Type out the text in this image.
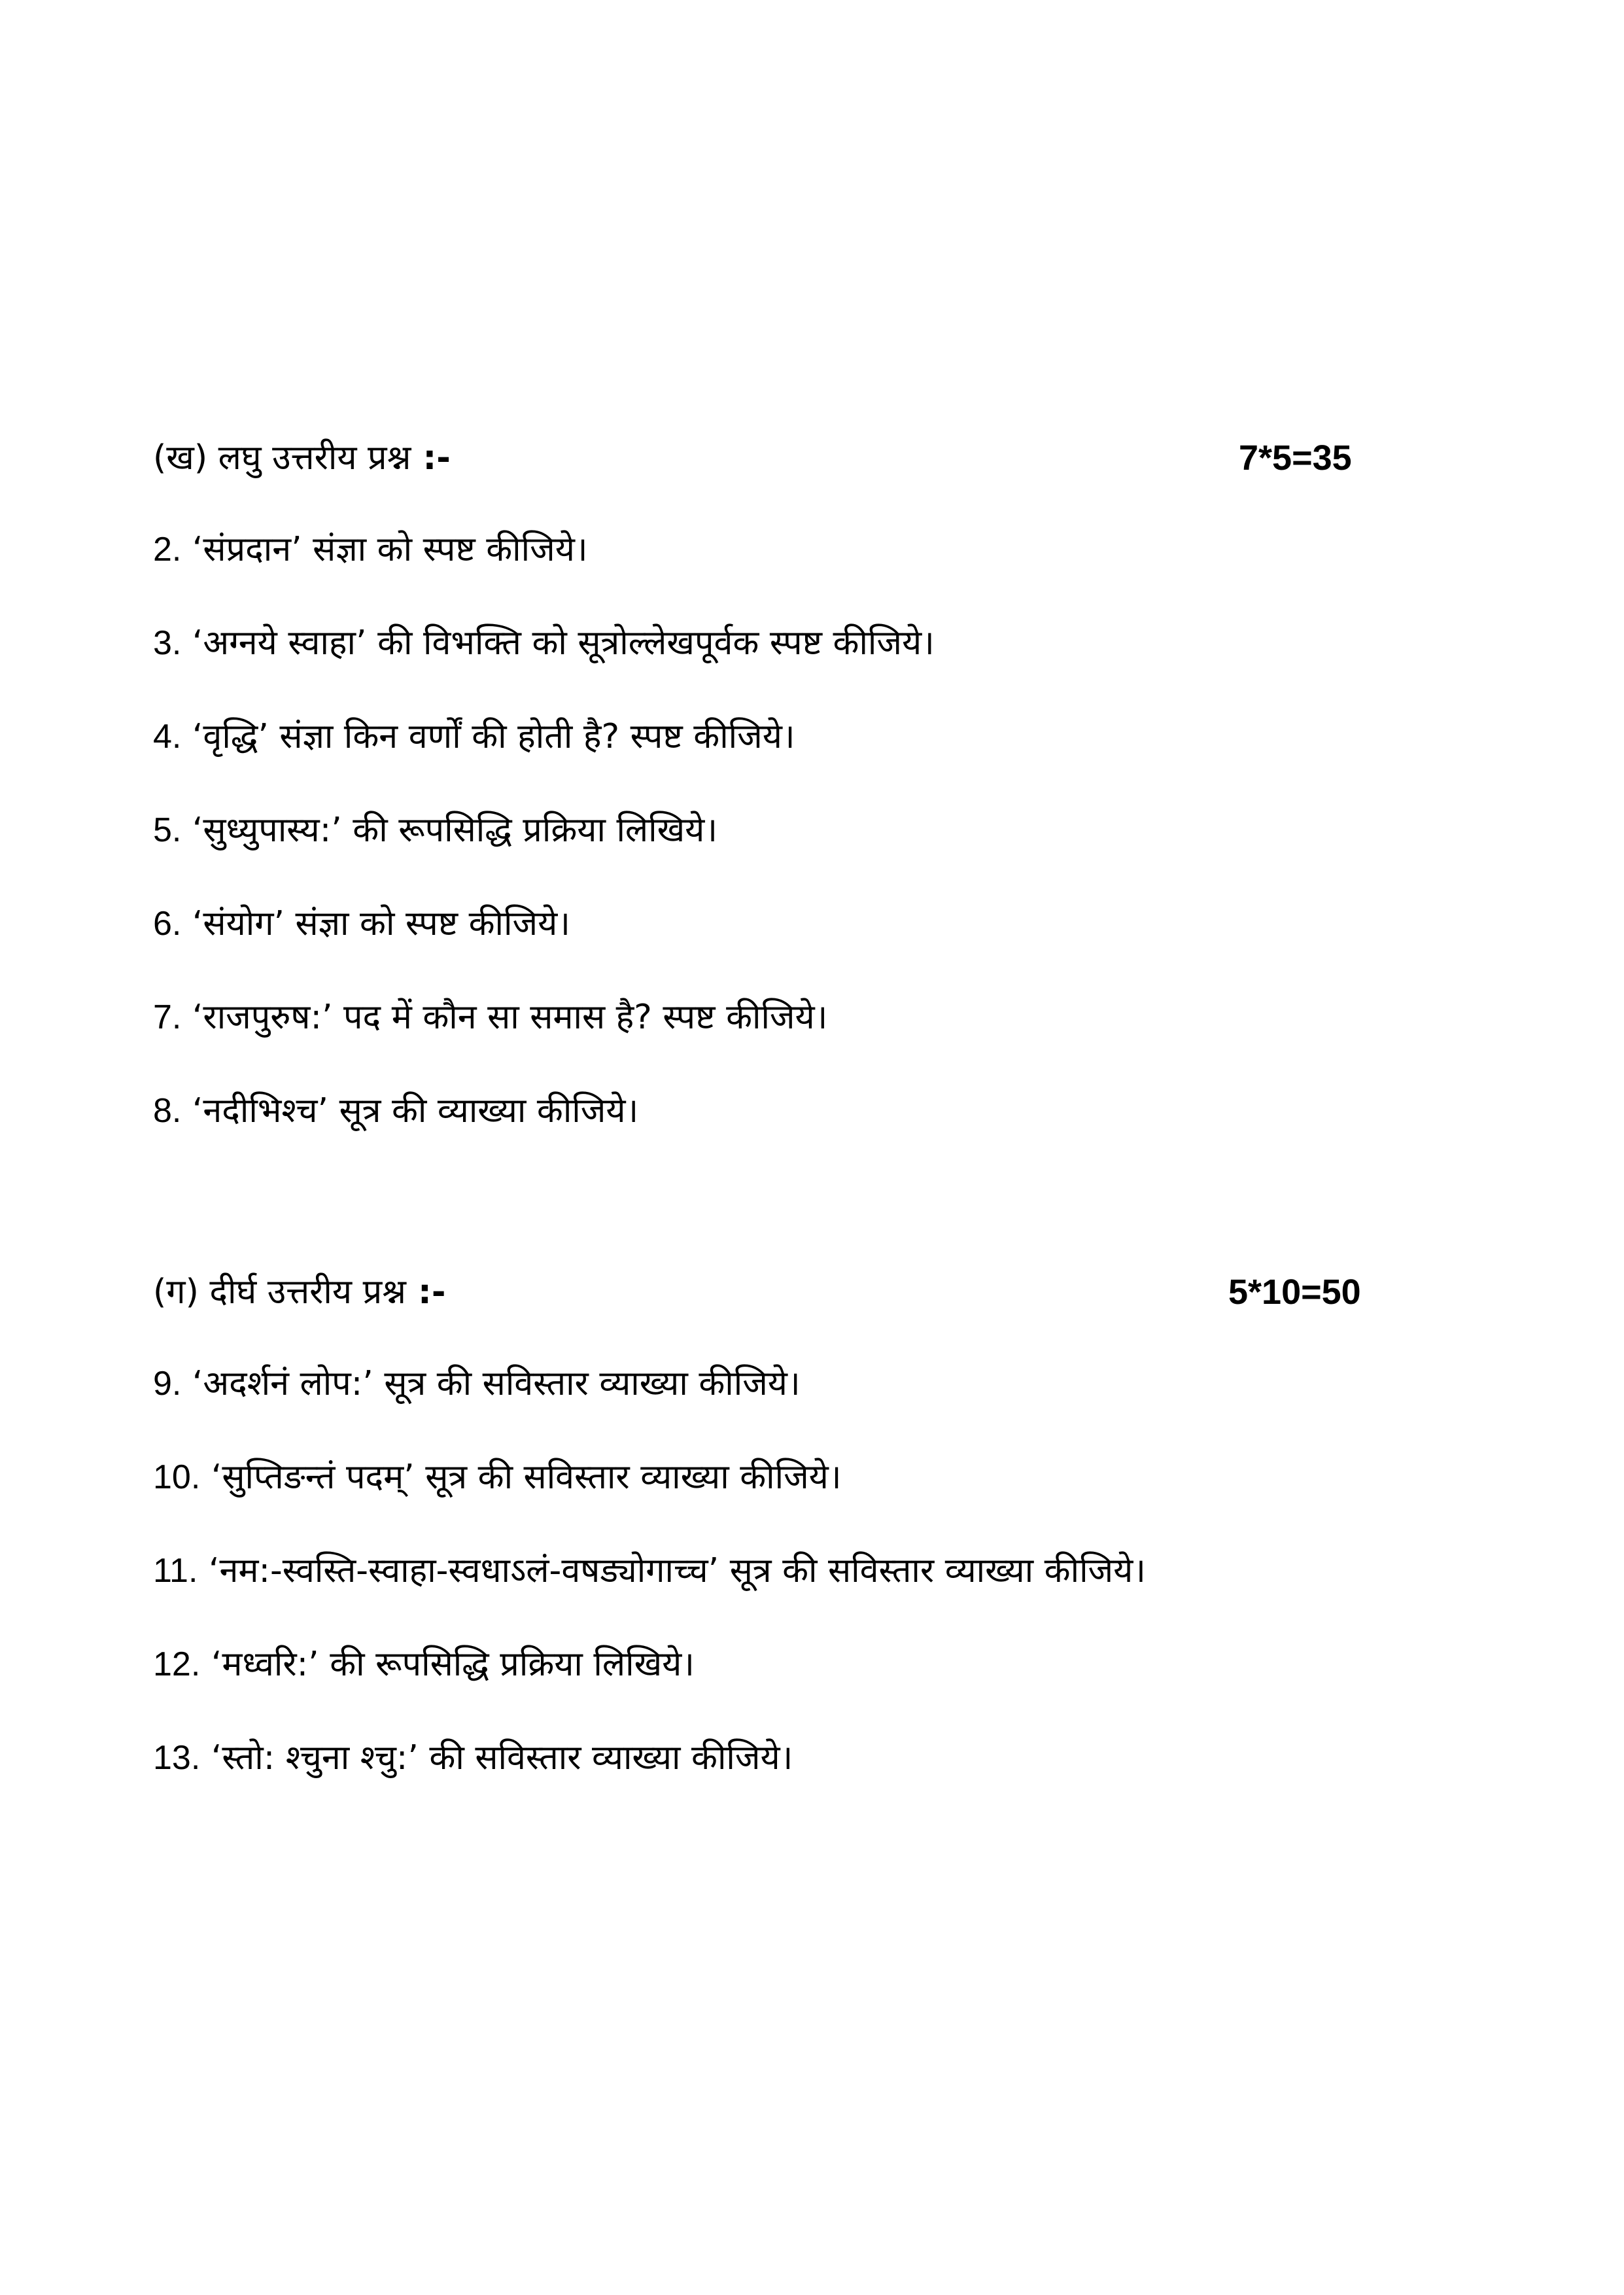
(ख) लघु उत्तरीय प्रश्न :-	7*5=35
2. ‘संप्रदान’ संज्ञा को स्पष्ट कीजिये।
3. ‘अग्नये स्वाहा’ की विभक्ति को सूत्रोल्लेखपूर्वक स्पष्ट कीजिये।
4. ‘वृद्धि’ संज्ञा किन वर्णों की होती है? स्पष्ट कीजिये।
5. ‘सुध्युपास्य:’ की रूपसिद्धि प्रक्रिया लिखिये।
6. ‘संयोग’ संज्ञा को स्पष्ट कीजिये।
7. ‘राजपुरुष:’ पद में कौन सा समास है? स्पष्ट कीजिये।
8. ‘नदीभिश्च’ सूत्र की व्याख्या कीजिये।
(ग) दीर्घ उत्तरीय प्रश्न :-	5*10=50
9. ‘अदर्शनं लोप:’ सूत्र की सविस्तार व्याख्या कीजिये।
10. ‘सुप्तिङन्तं पदम्’ सूत्र की सविस्तार व्याख्या कीजिये।
11. ‘नम:-स्वस्ति-स्वाहा-स्वधाऽलं-वषड्योगाच्च’ सूत्र की सविस्तार व्याख्या कीजिये।
12. ‘मध्वरि:’ की रूपसिद्धि प्रक्रिया लिखिये।
13. ‘स्तो: श्चुना श्चु:’ की सविस्तार व्याख्या कीजिये।
